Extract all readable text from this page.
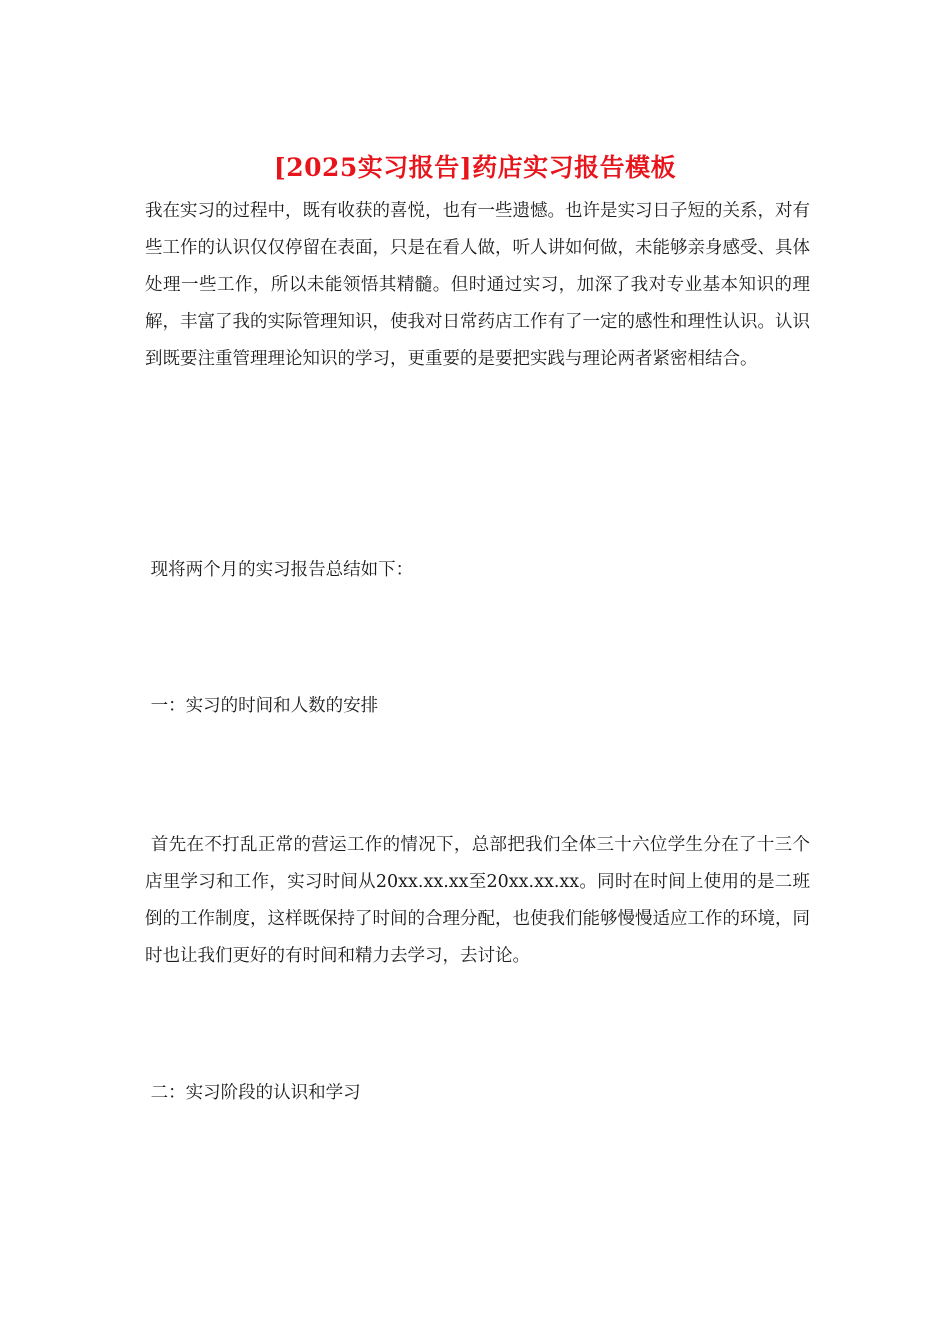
[2025实习报告]药店实习报告模板

我在实习的过程中，既有收获的喜悦，也有一些遗憾。也许是实习日子短的关系，对有些工作的认识仅仅停留在表面，只是在看人做，听人讲如何做，未能够亲身感受、具体处理一些工作，所以未能领悟其精髓。但时通过实习，加深了我对专业基本知识的理解，丰富了我的实际管理知识，使我对日常药店工作有了一定的感性和理性认识。认识到既要注重管理理论知识的学习，更重要的是要把实践与理论两者紧密相结合。

现将两个月的实习报告总结如下：

一：实习的时间和人数的安排

首先在不打乱正常的营运工作的情况下，总部把我们全体三十六位学生分在了十三个店里学习和工作，实习时间从20xx.xx.xx至20xx.xx.xx。同时在时间上使用的是二班倒的工作制度，这样既保持了时间的合理分配，也使我们能够慢慢适应工作的环境，同时也让我们更好的有时间和精力去学习，去讨论。

二：实习阶段的认识和学习
